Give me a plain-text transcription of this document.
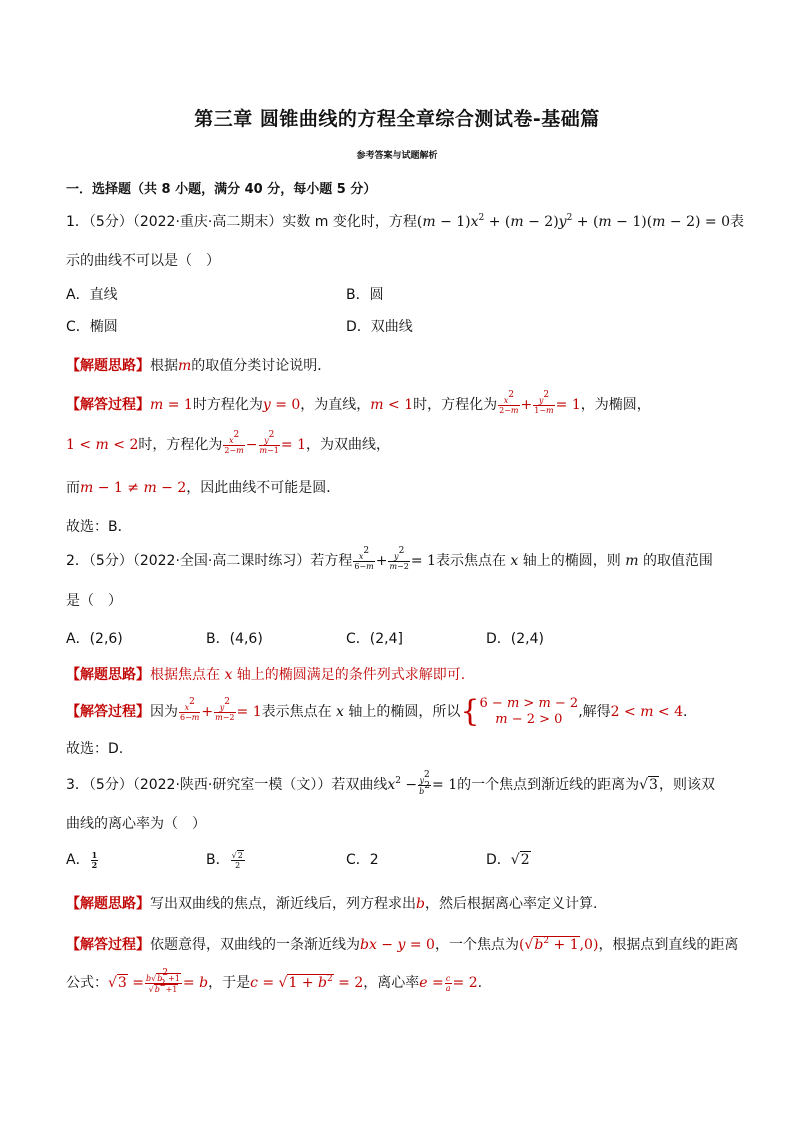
第三章 圆锥曲线的方程全章综合测试卷-基础篇
参考答案与试题解析
一．选择题（共 8 小题，满分 40 分，每小题 5 分）
1．（5分）（2022·重庆·高二期末）实数 m 变化时，方程$(m - 1)x^2 + (m - 2)y^2 + (m - 1)(m - 2) = 0$表
示的曲线不可以是（　）
A．直线	B．圆
C．椭圆	D．双曲线
【解题思路】根据m的取值分类讨论说明．
【解答过程】m = 1时方程化为y = 0，为直线，m < 1时，方程化为 $\frac{x^2}{2-m} + \frac{y^2}{1-m} = 1$，为椭圆，
1 < m < 2时，方程化为 $\frac{x^2}{2-m} - \frac{y^2}{m-1} = 1$，为双曲线，
而m − 1 ≠ m − 2，因此曲线不可能是圆．
故选：B．
2．（5分）（2022·全国·高二课时练习）若方程 $\frac{x^2}{6-m} + \frac{y^2}{m-2} = 1$表示焦点在 x 轴上的椭圆，则 m 的取值范围
是（　）
A．(2,6)	B．(4,6)	C．(2,4]	D．(2,4)
【解题思路】根据焦点在 x 轴上的椭圆满足的条件列式求解即可.
【解答过程】因为 $\frac{x^2}{6-m} + \frac{y^2}{m-2} = 1$表示焦点在 x 轴上的椭圆，所以{ 6 − m > m − 2
m − 2 > 0	,解得2 < m < 4.
故选：D.
3．（5分）（2022·陕西·研究室一模（文））若双曲线$x^2 - \frac{y^2}{b^2} = 1$的一个焦点到渐近线的距离为√3，则该双
曲线的离心率为（　）
A． $\frac{1}{2}$	B． $\frac{√2}{2}$	C．2	D．√2
【解题思路】写出双曲线的焦点，渐近线后，列方程求出b，然后根据离心率定义计算.
【解答过程】依题意得，双曲线的一条渐近线为bx − y = 0，一个焦点为$(√b^2 + 1,0)$，根据点到直线的距离
公式：$√3 = \frac{b√b^2+1}{√b^2+1} = b$，于是$c = √1 + b^2 = 2$，离心率$e = \frac{c}{a} = 2$.
